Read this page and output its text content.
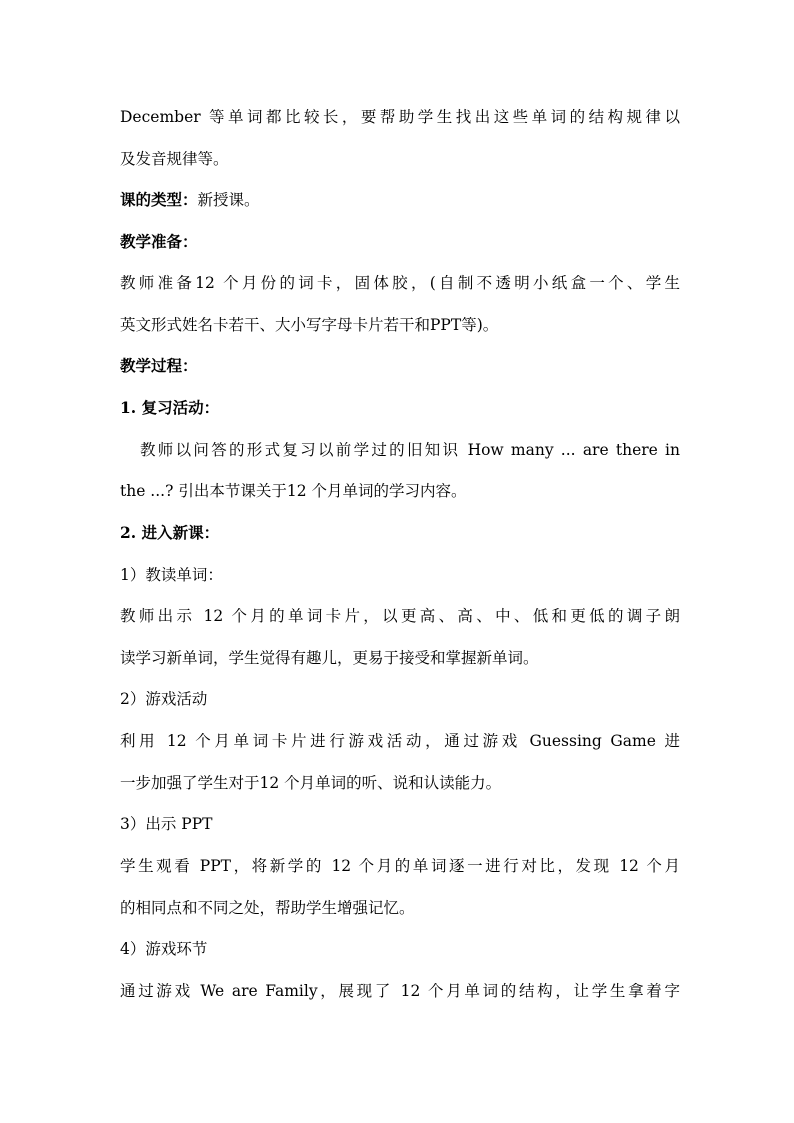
December 等单词都比较长，要帮助学生找出这些单词的结构规律以
及发音规律等。
课的类型：新授课。
教学准备：
教师准备12 个月份的词卡，固体胶，(自制不透明小纸盒一个、学生
英文形式姓名卡若干、大小写字母卡片若干和PPT等)。
教学过程：
1. 复习活动：
教师以问答的形式复习以前学过的旧知识 How many ... are there in
the ...? 引出本节课关于12 个月单词的学习内容。
2. 进入新课：
1）教读单词：
教师出示 12 个月的单词卡片，以更高、高、中、低和更低的调子朗
读学习新单词，学生觉得有趣儿，更易于接受和掌握新单词。
2）游戏活动
利用 12 个月单词卡片进行游戏活动，通过游戏 Guessing Game 进
一步加强了学生对于12 个月单词的听、说和认读能力。
3）出示 PPT
学生观看 PPT，将新学的 12 个月的单词逐一进行对比，发现 12 个月
的相同点和不同之处，帮助学生增强记忆。
4）游戏环节
通过游戏 We are Family，展现了 12 个月单词的结构，让学生拿着字
